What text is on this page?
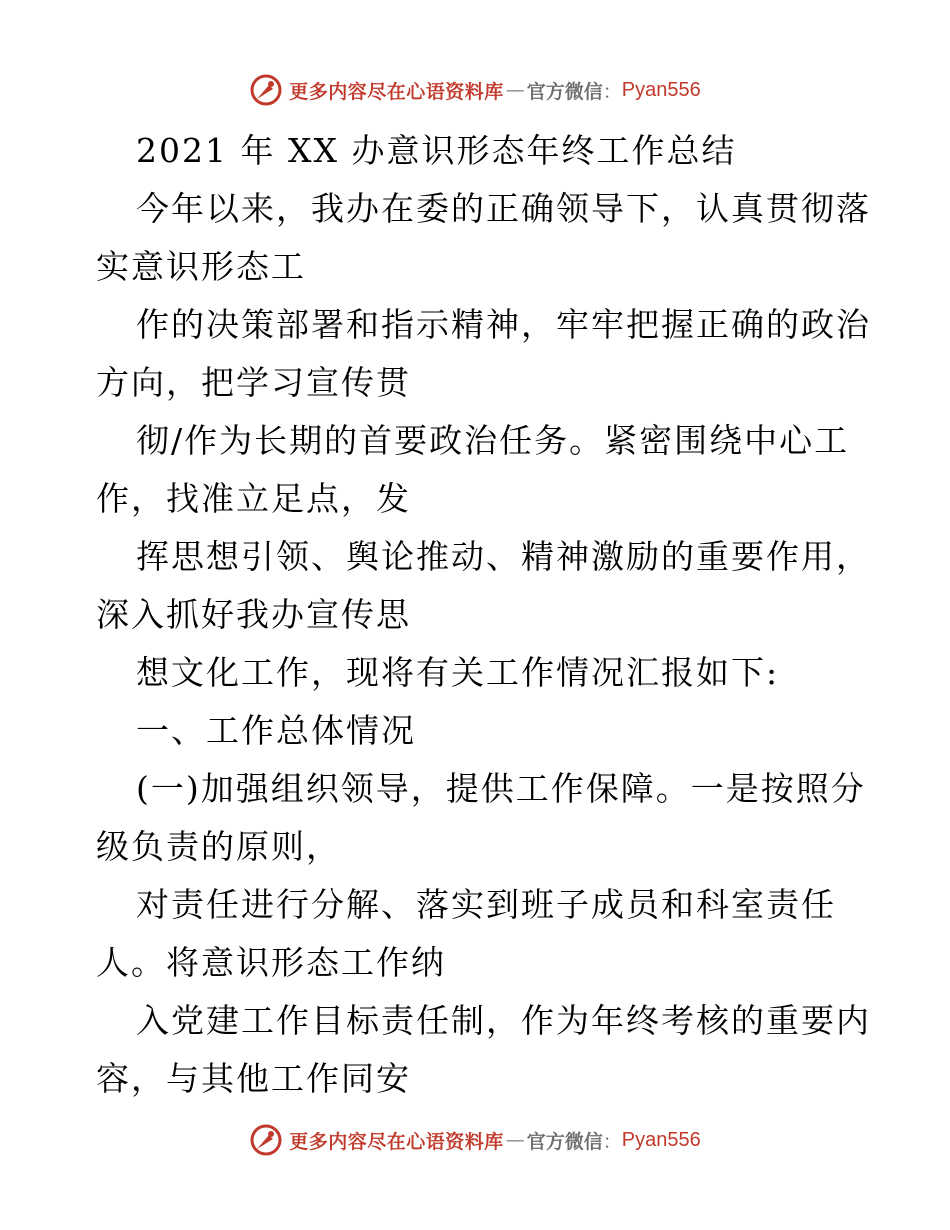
更多内容尽在心语资料库 — 官方微信 ： Pyan556
2021 年 XX 办意识形态年终工作总结
今年以来，我办在委的正确领导下，认真贯彻落
实意识形态工
作的决策部署和指示精神，牢牢把握正确的政治
方向，把学习宣传贯
彻/作为长期的首要政治任务。紧密围绕中心工
作，找准立足点，发
挥思想引领、舆论推动、精神激励的重要作用，
深入抓好我办宣传思
想文化工作，现将有关工作情况汇报如下:
一、工作总体情况
(一)加强组织领导，提供工作保障。一是按照分
级负责的原则，
对责任进行分解、落实到班子成员和科室责任
人。将意识形态工作纳
入党建工作目标责任制，作为年终考核的重要内
容，与其他工作同安
更多内容尽在心语资料库 — 官方微信 ： Pyan556
